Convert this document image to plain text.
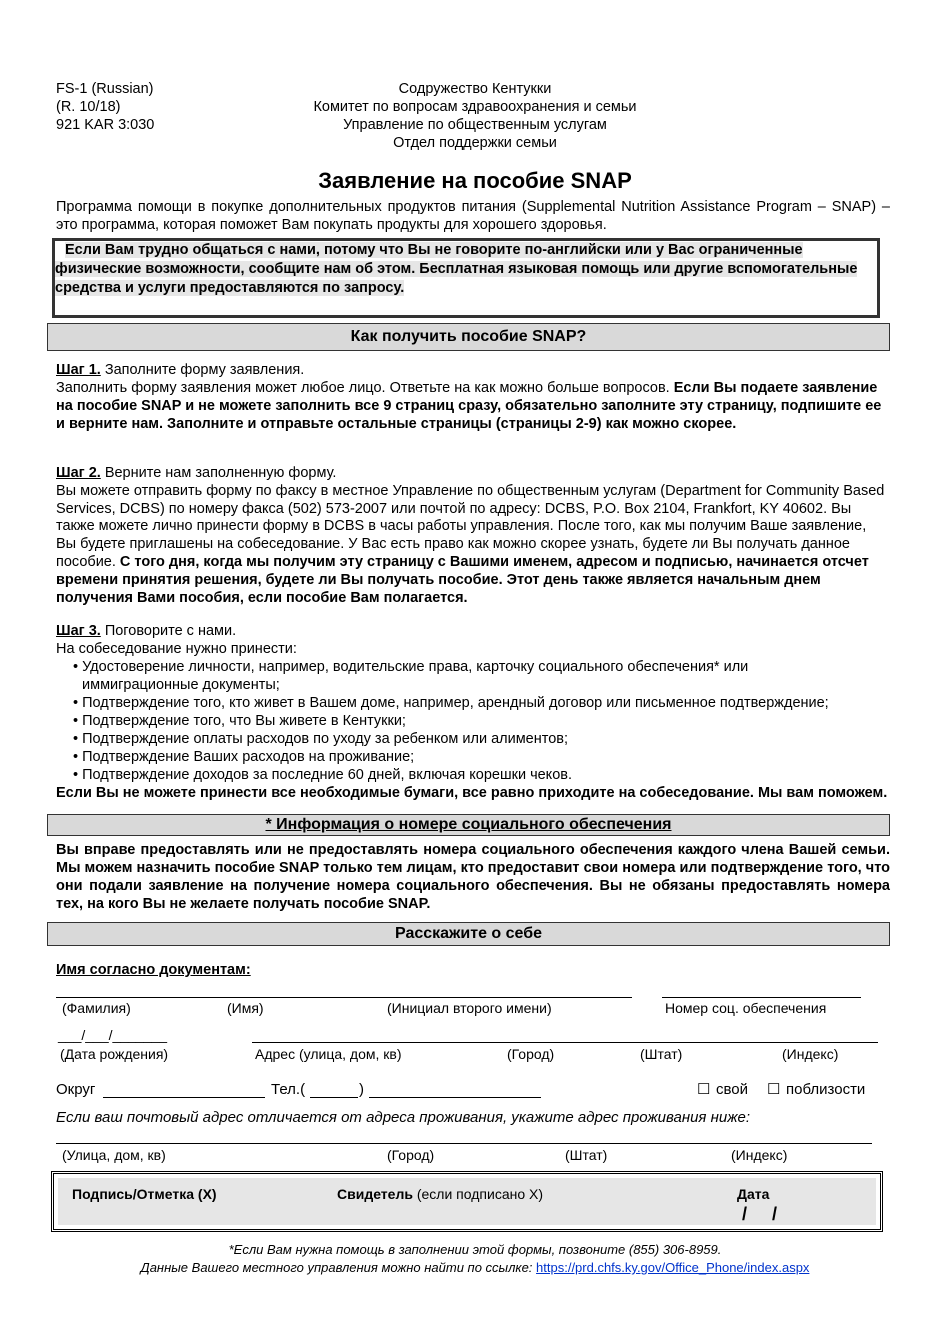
FS-1 (Russian)
(R. 10/18)
921 KAR 3:030
Содружество Кентукки
Комитет по вопросам здравоохранения и семьи
Управление по общественным услугам
Отдел поддержки семьи
Заявление на пособие SNAP
Программа помощи в покупке дополнительных продуктов питания (Supplemental Nutrition Assistance Program – SNAP) – это программа, которая поможет Вам покупать продукты для хорошего здоровья.
Если Вам трудно общаться с нами, потому что Вы не говорите по-английски или у Вас ограниченные физические возможности, сообщите нам об этом. Бесплатная языковая помощь или другие вспомогательные средства и услуги предоставляются по запросу.
Как получить пособие SNAP?

Шаг 1. Заполните форму заявления.

Заполнить форму заявления может любое лицо. Ответьте на как можно больше вопросов. Если Вы подаете заявление на пособие SNAP и не можете заполнить все 9 страниц сразу, обязательно заполните эту страницу, подпишите ее и верните нам. Заполните и отправьте остальные страницы (страницы 2-9) как можно скорее.

Шаг 2. Верните нам заполненную форму.

Вы можете отправить форму по факсу в местное Управление по общественным услугам (Department for Community Based Services, DCBS) по номеру факса (502) 573-2007 или почтой по адресу: DCBS, P.O. Box 2104, Frankfort, KY 40602. Вы также можете лично принести форму в DCBS в часы работы управления. После того, как мы получим Ваше заявление, Вы будете приглашены на собеседование. У Вас есть право как можно скорее узнать, будете ли Вы получать данное пособие. С того дня, когда мы получим эту страницу с Вашими именем, адресом и подписью, начинается отсчет времени принятия решения, будете ли Вы получать пособие. Этот день также является начальным днем получения Вами пособия, если пособие Вам полагается.

Шаг 3. Поговорите с нами.

На собеседование нужно принести:

• Удостоверение личности, например, водительские права, карточку социального обеспечения* или иммиграционные документы;
• Подтверждение того, кто живет в Вашем доме, например, арендный договор или письменное подтверждение;
• Подтверждение того, что Вы живете в Кентукки;
• Подтверждение оплаты расходов по уходу за ребенком или алиментов;
• Подтверждение Ваших расходов на проживание;
• Подтверждение доходов за последние 60 дней, включая корешки чеков.

Если Вы не можете принести все необходимые бумаги, все равно приходите на собеседование. Мы вам поможем.

* Информация о номере социального обеспечения
Вы вправе предоставлять или не предоставлять номера социального обеспечения каждого члена Вашей семьи. Мы можем назначить пособие SNAP только тем лицам, кто предоставит свои номера или подтверждение того, что они подали заявление на получение номера социального обеспечения. Вы не обязаны предоставлять номера тех, на кого Вы не желаете получать пособие SNAP.
Расскажите о себе
Имя согласно документам:
(Фамилия)	(Имя)	(Инициал второго имени)	Номер соц. обеспечения
___/___/_______
(Дата рождения)	Адрес (улица, дом, кв)	(Город)	(Штат)	(Индекс)
Округ	Тел.(	)	☐ свой ☐ поблизости
Если ваш почтовый адрес отличается от адреса проживания, укажите адрес проживания ниже:
(Улица, дом, кв)	(Город)	(Штат)	(Индекс)
Подпись/Отметка (X)	Свидетель (если подписано X)	Дата
/     /
*Если Вам нужна помощь в заполнении этой формы, позвоните (855) 306-8959.
Данные Вашего местного управления можно найти по ссылке: https://prd.chfs.ky.gov/Office_Phone/index.aspx
